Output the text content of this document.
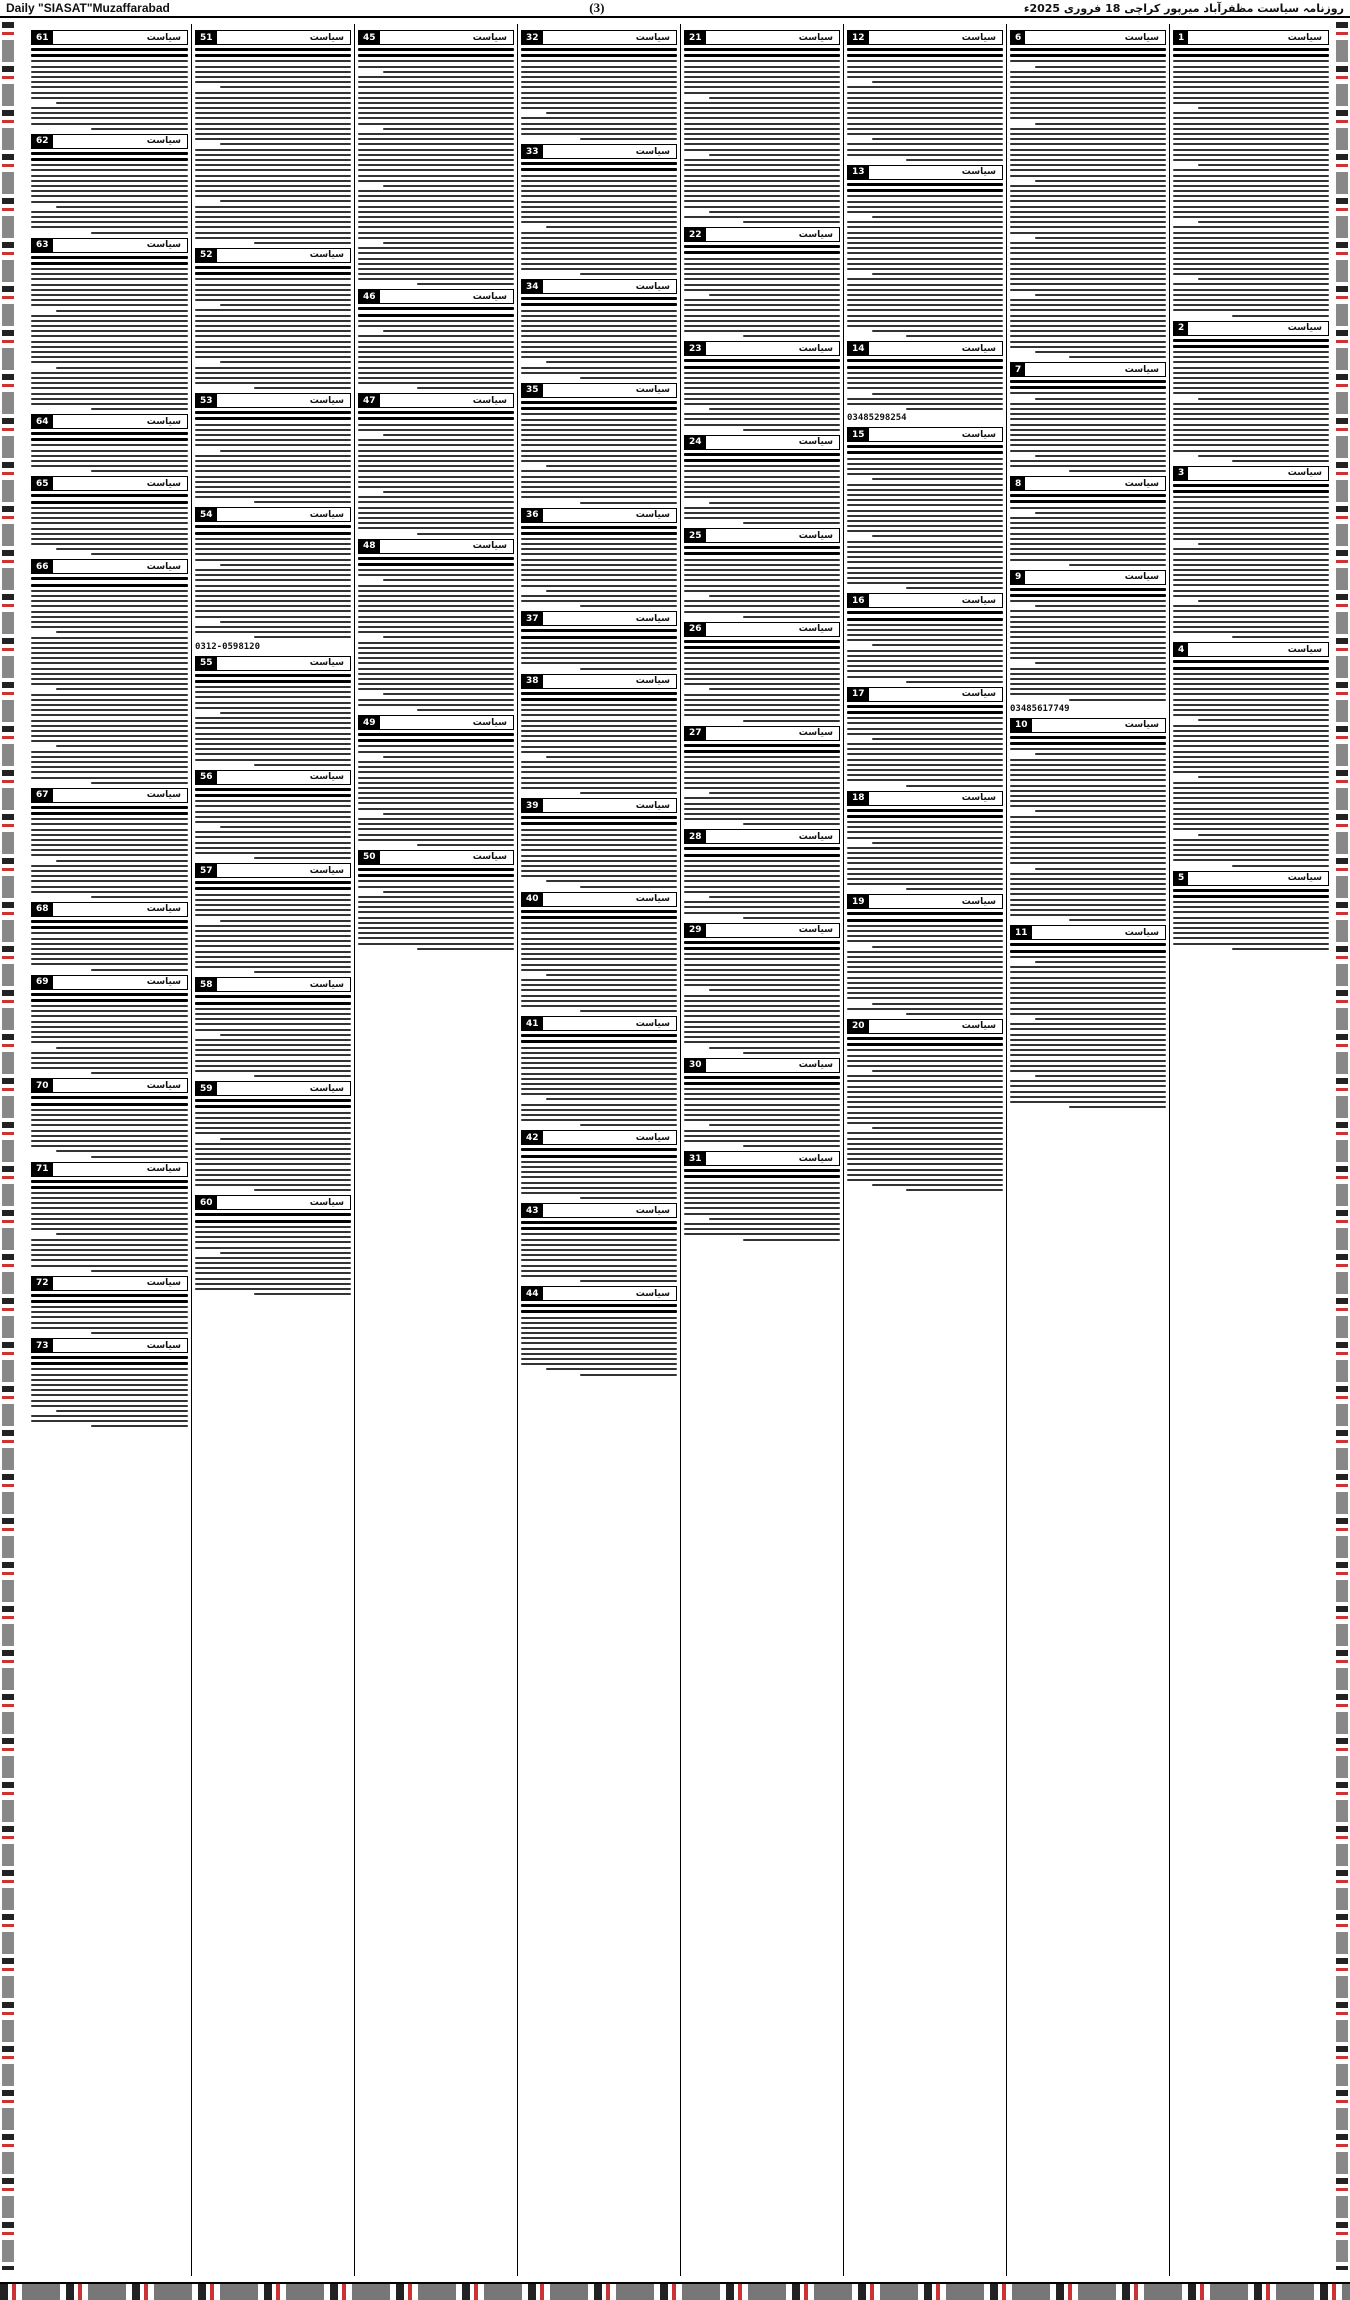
Daily "SIASAT"Muzaffarabad	(3)	روزنامہ سیاست مظفرآباد میرپور کراچی 18 فروری 2025ء
سیاست
1
سیاست
2
سیاست
3
سیاست
4
سیاست
5
سیاست
6
سیاست
7
سیاست
8
سیاست
9
03485617749
سیاست
10
سیاست
11
سیاست
12
سیاست
13
سیاست
14
03485298254
سیاست
15
سیاست
16
سیاست
17
سیاست
18
سیاست
19
سیاست
20
سیاست
21
سیاست
22
سیاست
23
سیاست
24
سیاست
25
سیاست
26
سیاست
27
سیاست
28
سیاست
29
سیاست
30
سیاست
31
سیاست
32
سیاست
33
سیاست
34
سیاست
35
سیاست
36
سیاست
37
سیاست
38
سیاست
39
سیاست
40
سیاست
41
سیاست
42
سیاست
43
سیاست
44
سیاست
45
سیاست
46
سیاست
47
سیاست
48
سیاست
49
سیاست
50
سیاست
51
سیاست
52
سیاست
53
سیاست
54
0312-0598120
سیاست
55
سیاست
56
سیاست
57
سیاست
58
سیاست
59
سیاست
60
سیاست
61
سیاست
62
سیاست
63
سیاست
64
سیاست
65
سیاست
66
سیاست
67
سیاست
68
سیاست
69
سیاست
70
سیاست
71
سیاست
72
سیاست
73
